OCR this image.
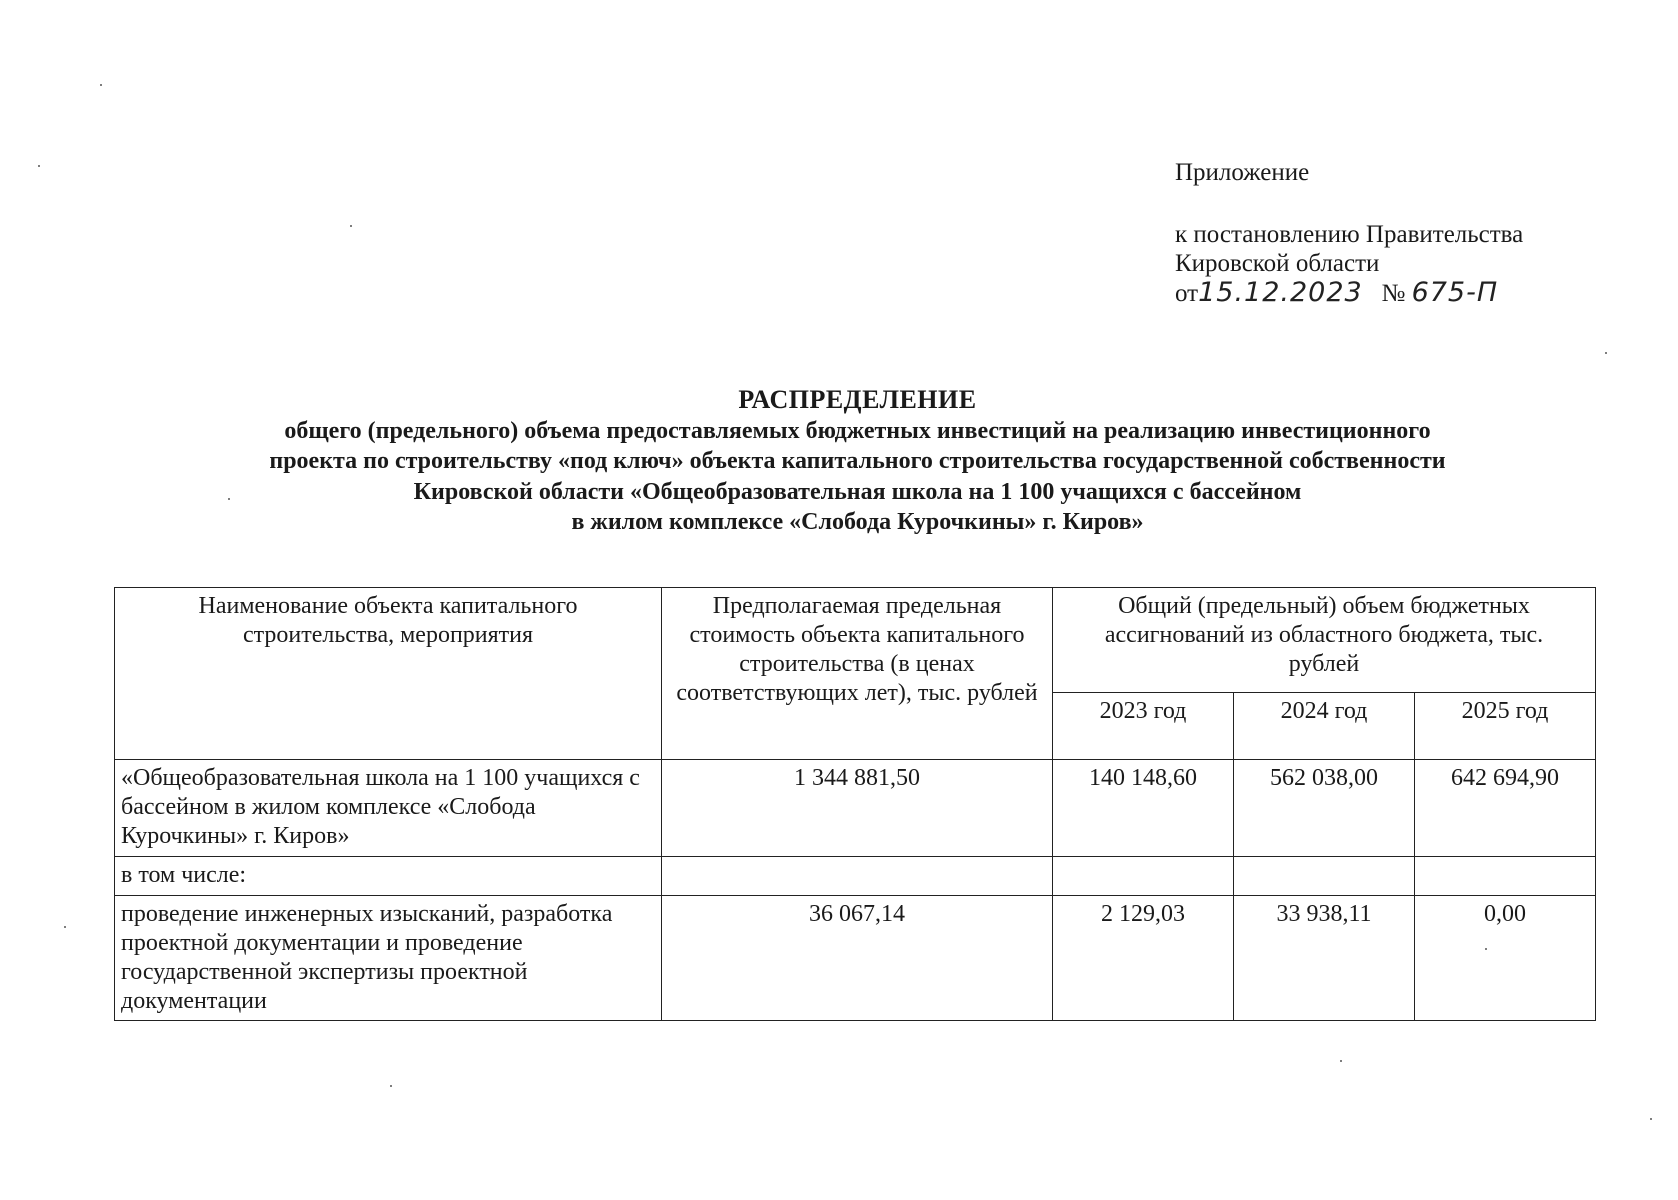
Приложение
к постановлению Правительства
Кировской области
от15.12.2023 № 675-П
РАСПРЕДЕЛЕНИЕ
общего (предельного) объема предоставляемых бюджетных инвестиций на реализацию инвестиционного
проекта по строительству «под ключ» объекта капитального строительства государственной собственности
Кировской области «Общеобразовательная школа на 1 100 учащихся с бассейном
в жилом комплексе «Слобода Курочкины» г. Киров»
Наименование объекта капитального строительства, мероприятия	Предполагаемая предельная стоимость объекта капитального строительства (в ценах соответствующих лет), тыс. рублей	Общий (предельный) объем бюджетных ассигнований из областного бюджета, тыс. рублей		

		2023 год	2024 год	2025 год
«Общеобразовательная школа на 1 100 учащихся с бассейном в жилом комплексе «Слобода Курочкины» г. Киров»	1 344 881,50	140 148,60	562 038,00	642 694,90
в том числе:				
проведение инженерных изысканий, разработка проектной документации и проведение государственной экспертизы проектной документации	36 067,14	2 129,03	33 938,11	0,00
